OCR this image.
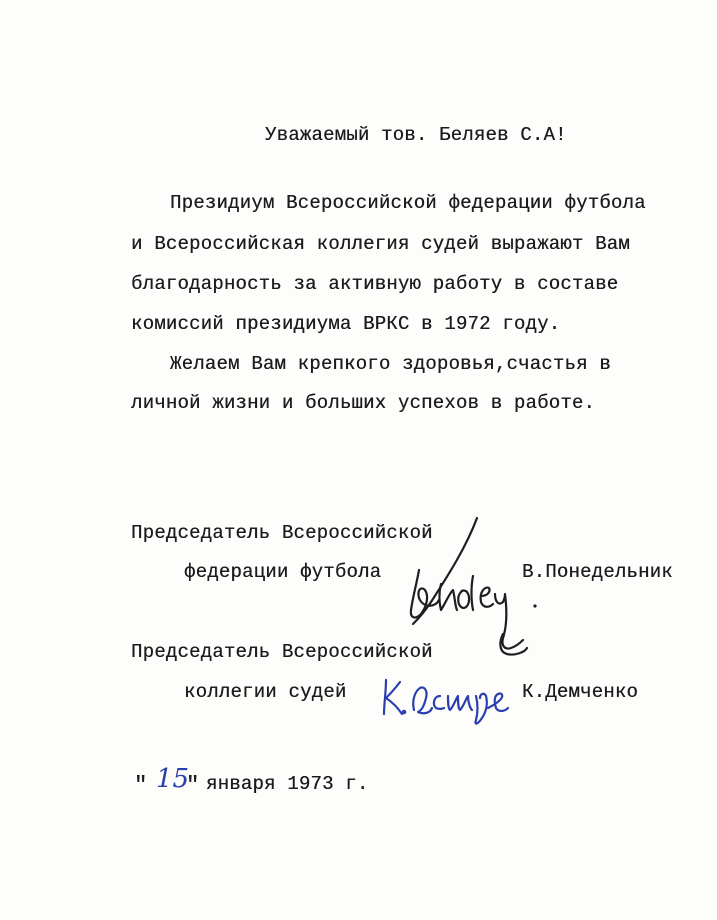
Уважаемый тов. Беляев С.А!
Президиум Всероссийской федерации футбола
и Всероссийская коллегия судей выражают Вам
благодарность за активную работу в составе
комиссий президиума ВРКС в 1972 году.
Желаем Вам крепкого здоровья,счастья в
личной жизни и больших успехов в работе.
Председатель Всероссийской
федерации футбола	В.Понедельник
Председатель Всероссийской
коллегии судей	К.Демченко
" 15
" января 1973 г.
